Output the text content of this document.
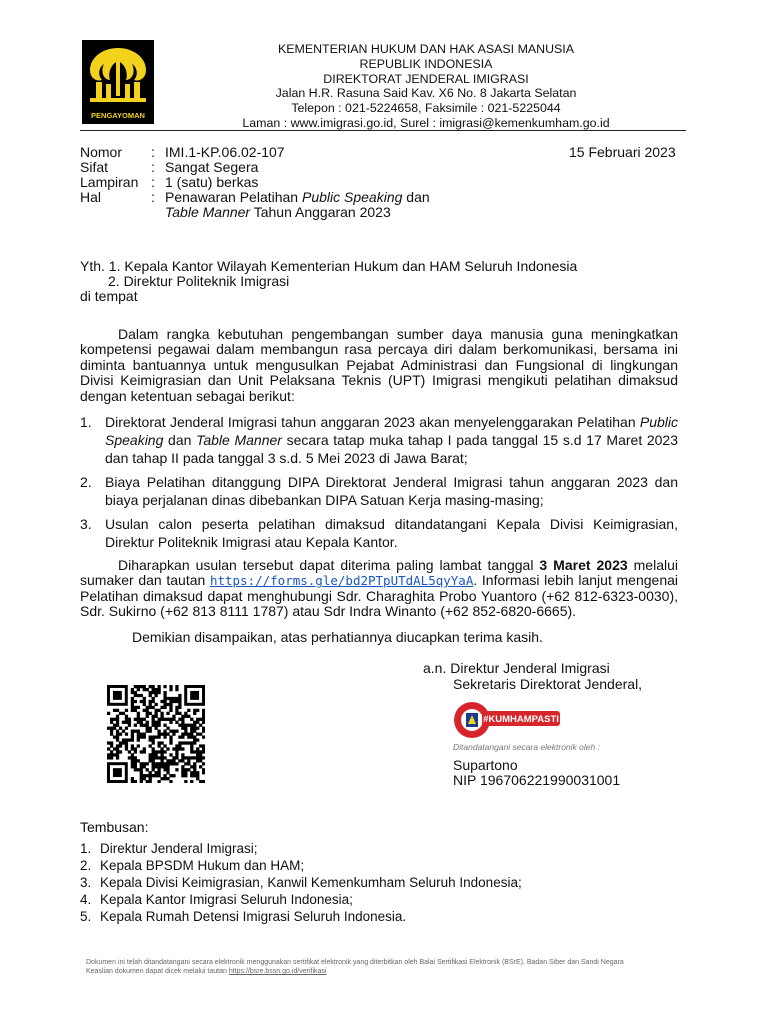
PENGAYOMAN
KEMENTERIAN HUKUM DAN HAK ASASI MANUSIA
REPUBLIK INDONESIA
DIREKTORAT JENDERAL IMIGRASI
Jalan H.R. Rasuna Said Kav. X6 No. 8 Jakarta Selatan
Telepon : 021-5224658, Faksimile : 021-5225044
Laman : www.imigrasi.go.id, Surel : imigrasi@kemenkumham.go.id
Nomor : IMI.1-KP.06.02-107	15 Februari 2023
Sifat	: Sangat Segera
Lampiran : 1 (satu) berkas
Hal	: Penawaran Pelatihan Public Speaking dan
Table Manner Tahun Anggaran 2023
Yth. 1. Kepala Kantor Wilayah Kementerian Hukum dan HAM Seluruh Indonesia
2. Direktur Politeknik Imigrasi
di tempat
Dalam rangka kebutuhan pengembangan sumber daya manusia guna meningkatkan kompetensi pegawai dalam membangun rasa percaya diri dalam berkomunikasi, bersama ini diminta bantuannya untuk mengusulkan Pejabat Administrasi dan Fungsional di lingkungan Divisi Keimigrasian dan Unit Pelaksana Teknis (UPT) Imigrasi mengikuti pelatihan dimaksud dengan ketentuan sebagai berikut:
1. Direktorat Jenderal Imigrasi tahun anggaran 2023 akan menyelenggarakan Pelatihan Public Speaking dan Table Manner secara tatap muka tahap I pada tanggal 15 s.d 17 Maret 2023 dan tahap II pada tanggal 3 s.d. 5 Mei 2023 di Jawa Barat;
2. Biaya Pelatihan ditanggung DIPA Direktorat Jenderal Imigrasi tahun anggaran 2023 dan biaya perjalanan dinas dibebankan DIPA Satuan Kerja masing-masing;
3. Usulan calon peserta pelatihan dimaksud ditandatangani Kepala Divisi Keimigrasian, Direktur Politeknik Imigrasi atau Kepala Kantor.
Diharapkan usulan tersebut dapat diterima paling lambat tanggal 3 Maret 2023 melalui sumaker dan tautan https://forms.gle/bd2PTpUTdAL5qyYaA. Informasi lebih lanjut mengenai Pelatihan dimaksud dapat menghubungi Sdr. Charaghita Probo Yuantoro (+62 812-6323-0030), Sdr. Sukirno (+62 813 8111 1787) atau Sdr Indra Winanto (+62 852-6820-6665).
Demikian disampaikan, atas perhatiannya diucapkan terima kasih.
a.n. Direktur Jenderal Imigrasi
Sekretaris Direktorat Jenderal,
#KUMHAMPASTI
Ditandatangani secara elektronik oleh :
Supartono
NIP 196706221990031001
Tembusan:
1. Direktur Jenderal Imigrasi;
2. Kepala BPSDM Hukum dan HAM;
3. Kepala Divisi Keimigrasian, Kanwil Kemenkumham Seluruh Indonesia;
4. Kepala Kantor Imigrasi Seluruh Indonesia;
5. Kepala Rumah Detensi Imigrasi Seluruh Indonesia.
Dokumen ini telah ditandatangani secara elektronik menggunakan sertifikat elektronik yang diterbitkan oleh Balai Sertifikasi Elektronik (BSrE), Badan Siber dan Sandi Negara
Keaslian dokumen dapat dicek melalui tautan https://bsre.bssn.go.id/verifikasi
